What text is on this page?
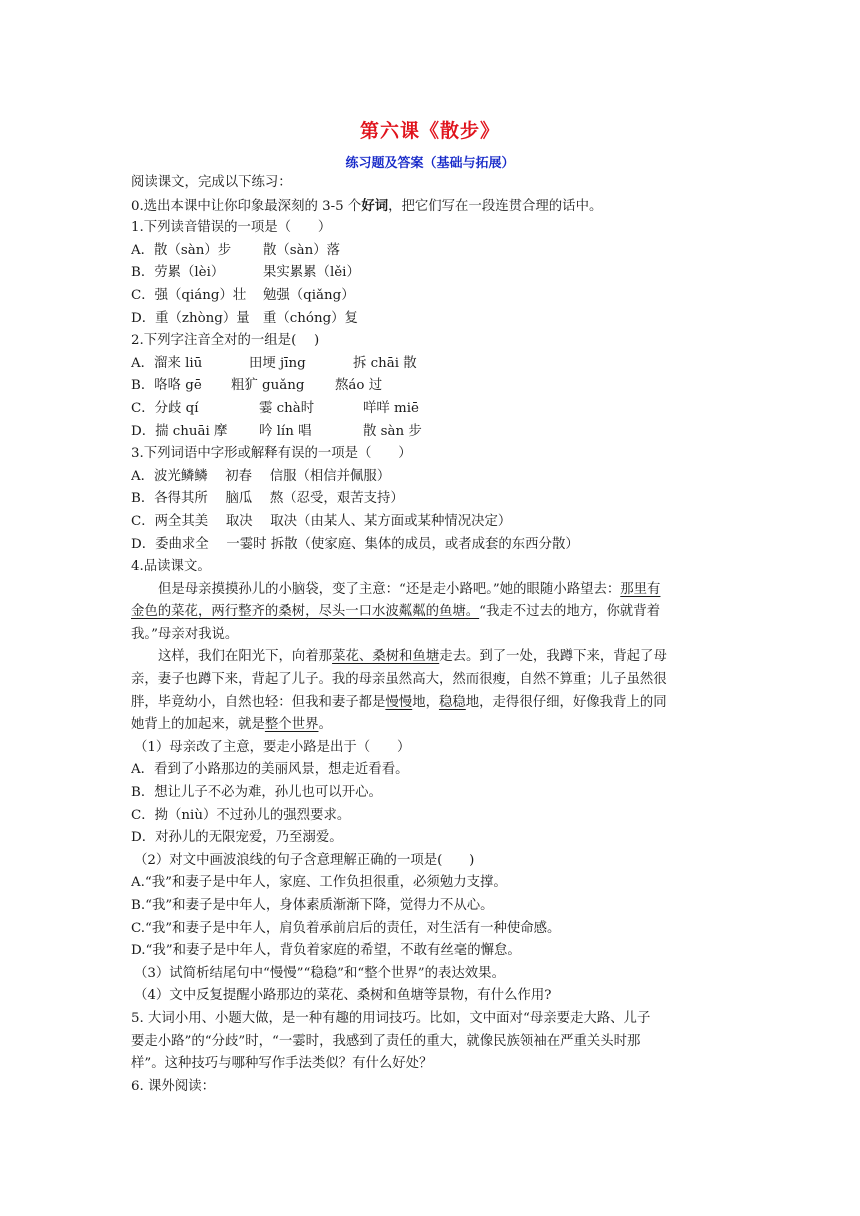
第六课《散步》
练习题及答案（基础与拓展）
阅读课文，完成以下练习：
0.选出本课中让你印象最深刻的 3-5 个好词，把它们写在一段连贯合理的话中。
1.下列读音错误的一项是（　　）
A．散（sàn）步 散（sàn）落
B．劳累（lèi）	果实累累（lěi）
C．强（qiáng）壮 勉强（qiǎng）
D．重（zhòng）量 重（chóng）复
2.下列字注音全对的一组是(　 )
A．溜来 liū	田埂 jīng	拆 chāi 散
B．咯咯 gē 粗犷 guǎng 熬áo 过
C．分歧 qí	霎 chà时	咩咩 miē
D．揣 chuāi 摩 吟 lín 唱	散 sàn 步
3.下列词语中字形或解释有误的一项是（　　）
A．波光鳞鳞　 初春　 信服（相信并佩服）
B．各得其所　 脑瓜　 熬（忍受，艰苦支持）
C．两全其美　 取决　 取决（由某人、某方面或某种情况决定）
D．委曲求全　 一霎时 拆散（使家庭、集体的成员，或者成套的东西分散）
4.品读课文。
但是母亲摸摸孙儿的小脑袋，变了主意：“还是走小路吧。”她的眼随小路望去：那里有
金色的菜花，两行整齐的桑树，尽头一口水波粼粼的鱼塘。“我走不过去的地方，你就背着
我。”母亲对我说。
这样，我们在阳光下，向着那菜花、桑树和鱼塘走去。到了一处，我蹲下来，背起了母
亲，妻子也蹲下来，背起了儿子。我的母亲虽然高大，然而很瘦，自然不算重；儿子虽然很
胖，毕竟幼小，自然也轻：但我和妻子都是慢慢地，稳稳地，走得很仔细，好像我背上的同
她背上的加起来，就是整个世界。
（1）母亲改了主意，要走小路是出于（　　）
A．看到了小路那边的美丽风景，想走近看看。
B．想让儿子不必为难，孙儿也可以开心。
C．拗（niù）不过孙儿的强烈要求。
D．对孙儿的无限宠爱，乃至溺爱。
（2）对文中画波浪线的句子含意理解正确的一项是(　　)
A.“我”和妻子是中年人，家庭、工作负担很重，必须勉力支撑。
B.“我”和妻子是中年人，身体素质渐渐下降，觉得力不从心。
C.“我”和妻子是中年人，肩负着承前启后的责任，对生活有一种使命感。
D.“我”和妻子是中年人，背负着家庭的希望，不敢有丝毫的懈怠。
（3）试简析结尾句中“慢慢”“稳稳”和“整个世界”的表达效果。
（4）文中反复提醒小路那边的菜花、桑树和鱼塘等景物，有什么作用?
5. 大词小用、小题大做，是一种有趣的用词技巧。比如，文中面对“母亲要走大路、儿子
要走小路”的“分歧”时，“一霎时，我感到了责任的重大，就像民族领袖在严重关头时那
样”。这种技巧与哪种写作手法类似？有什么好处？
6. 课外阅读：
